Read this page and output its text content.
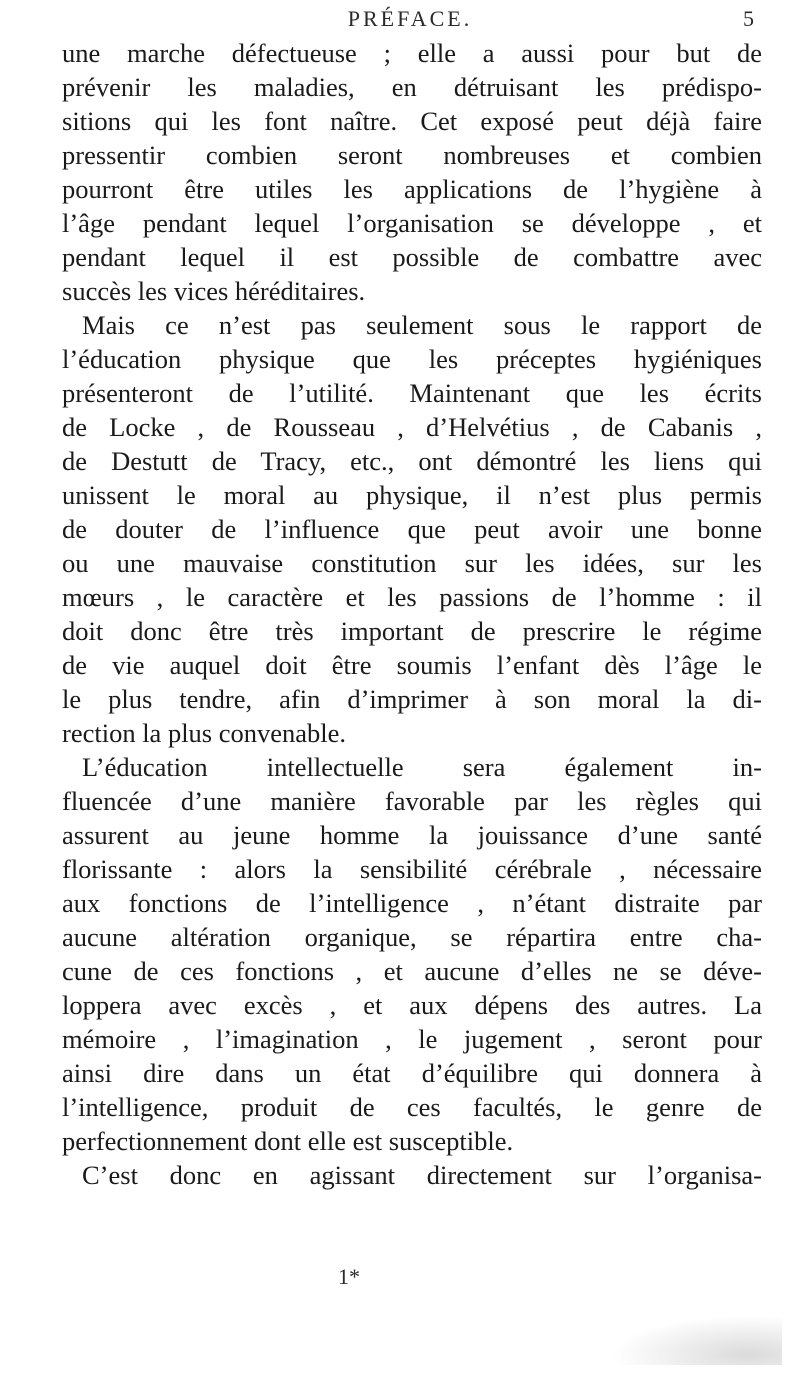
PRÉFACE.	5
une marche défectueuse ; elle a aussi pour but de
prévenir les maladies, en détruisant les prédispo-
sitions qui les font naître. Cet exposé peut déjà faire
pressentir combien seront nombreuses et combien
pourront être utiles les applications de l’hygiène à
l’âge pendant lequel l’organisation se développe , et
pendant lequel il est possible de combattre avec
succès les vices héréditaires.
Mais ce n’est pas seulement sous le rapport de
l’éducation physique que les préceptes hygiéniques
présenteront de l’utilité. Maintenant que les écrits
de Locke , de Rousseau , d’Helvétius , de Cabanis ,
de Destutt de Tracy, etc., ont démontré les liens qui
unissent le moral au physique, il n’est plus permis
de douter de l’influence que peut avoir une bonne
ou une mauvaise constitution sur les idées, sur les
mœurs , le caractère et les passions de l’homme : il
doit donc être très important de prescrire le régime
de vie auquel doit être soumis l’enfant dès l’âge le
le plus tendre, afin d’imprimer à son moral la di-
rection la plus convenable.
L’éducation intellectuelle sera également in-
fluencée d’une manière favorable par les règles qui
assurent au jeune homme la jouissance d’une santé
florissante : alors la sensibilité cérébrale , nécessaire
aux fonctions de l’intelligence , n’étant distraite par
aucune altération organique, se répartira entre cha-
cune de ces fonctions , et aucune d’elles ne se déve-
loppera avec excès , et aux dépens des autres. La
mémoire , l’imagination , le jugement , seront pour
ainsi dire dans un état d’équilibre qui donnera à
l’intelligence, produit de ces facultés, le genre de
perfectionnement dont elle est susceptible.
C’est donc en agissant directement sur l’organisa-
1*
